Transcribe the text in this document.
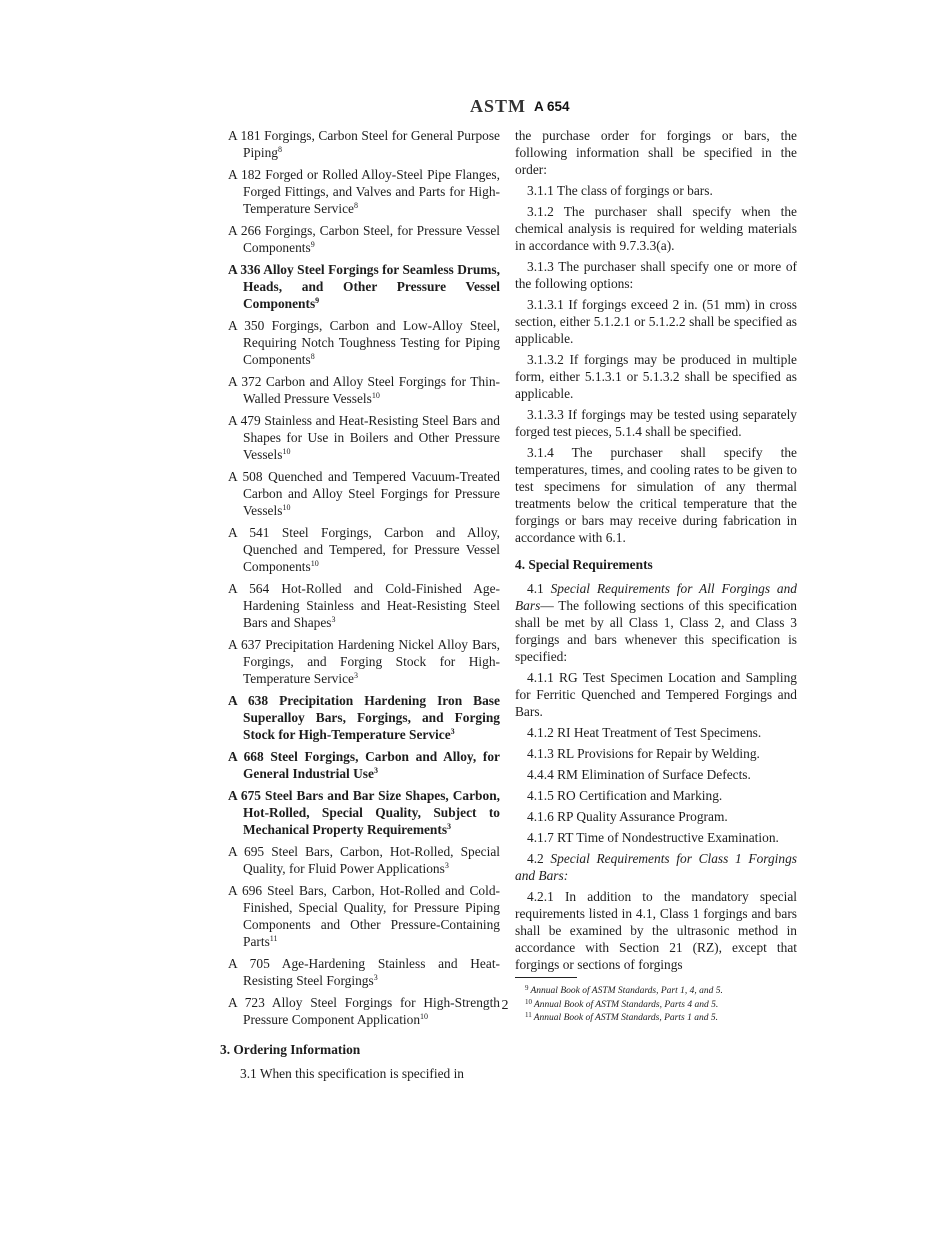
ASTM A 654

A 181 Forgings, Carbon Steel for General Purpose Piping$^8$

A 182 Forged or Rolled Alloy-Steel Pipe Flanges, Forged Fittings, and Valves and Parts for High-Temperature Service$^8$

A 266 Forgings, Carbon Steel, for Pressure Vessel Components$^9$

A 336 Alloy Steel Forgings for Seamless Drums, Heads, and Other Pressure Vessel Components$^9$

A 350 Forgings, Carbon and Low-Alloy Steel, Requiring Notch Toughness Testing for Piping Components$^8$

A 372 Carbon and Alloy Steel Forgings for Thin-Walled Pressure Vessels$^{10}$

A 479 Stainless and Heat-Resisting Steel Bars and Shapes for Use in Boilers and Other Pressure Vessels$^{10}$

A 508 Quenched and Tempered Vacuum-Treated Carbon and Alloy Steel Forgings for Pressure Vessels$^{10}$

A 541 Steel Forgings, Carbon and Alloy, Quenched and Tempered, for Pressure Vessel Components$^{10}$

A 564 Hot-Rolled and Cold-Finished Age-Hardening Stainless and Heat-Resisting Steel Bars and Shapes$^3$

A 637 Precipitation Hardening Nickel Alloy Bars, Forgings, and Forging Stock for High-Temperature Service$^3$

A 638 Precipitation Hardening Iron Base Superalloy Bars, Forgings, and Forging Stock for High-Temperature Service$^3$

A 668 Steel Forgings, Carbon and Alloy, for General Industrial Use$^3$

A 675 Steel Bars and Bar Size Shapes, Carbon, Hot-Rolled, Special Quality, Subject to Mechanical Property Requirements$^3$

A 695 Steel Bars, Carbon, Hot-Rolled, Special Quality, for Fluid Power Applications$^3$

A 696 Steel Bars, Carbon, Hot-Rolled and Cold-Finished, Special Quality, for Pressure Piping Components and Other Pressure-Containing Parts$^{11}$

A 705 Age-Hardening Stainless and Heat-Resisting Steel Forgings$^3$

A 723 Alloy Steel Forgings for High-Strength Pressure Component Application$^{10}$

3. Ordering Information

3.1 When this specification is specified in

the purchase order for forgings or bars, the following information shall be specified in the order:

3.1.1 The class of forgings or bars.

3.1.2 The purchaser shall specify when the chemical analysis is required for welding materials in accordance with 9.7.3.3(a).

3.1.3 The purchaser shall specify one or more of the following options:

3.1.3.1 If forgings exceed 2 in. (51 mm) in cross section, either 5.1.2.1 or 5.1.2.2 shall be specified as applicable.

3.1.3.2 If forgings may be produced in multiple form, either 5.1.3.1 or 5.1.3.2 shall be specified as applicable.

3.1.3.3 If forgings may be tested using separately forged test pieces, 5.1.4 shall be specified.

3.1.4 The purchaser shall specify the temperatures, times, and cooling rates to be given to test specimens for simulation of any thermal treatments below the critical temperature that the forgings or bars may receive during fabrication in accordance with 6.1.

4. Special Requirements

4.1 Special Requirements for All Forgings and Bars— The following sections of this specification shall be met by all Class 1, Class 2, and Class 3 forgings and bars whenever this specification is specified:

4.1.1 RG Test Specimen Location and Sampling for Ferritic Quenched and Tempered Forgings and Bars.

4.1.2 RI Heat Treatment of Test Specimens.

4.1.3 RL Provisions for Repair by Welding.

4.4.4 RM Elimination of Surface Defects.

4.1.5 RO Certification and Marking.

4.1.6 RP Quality Assurance Program.

4.1.7 RT Time of Nondestructive Examination.

4.2 Special Requirements for Class 1 Forgings and Bars:

4.2.1 In addition to the mandatory special requirements listed in 4.1, Class 1 forgings and bars shall be examined by the ultrasonic method in accordance with Section 21 (RZ), except that forgings or sections of forgings

$^9$ Annual Book of ASTM Standards, Part 1, 4, and 5.

$^{10}$ Annual Book of ASTM Standards, Parts 4 and 5.

$^{11}$ Annual Book of ASTM Standards, Parts 1 and 5.

2
